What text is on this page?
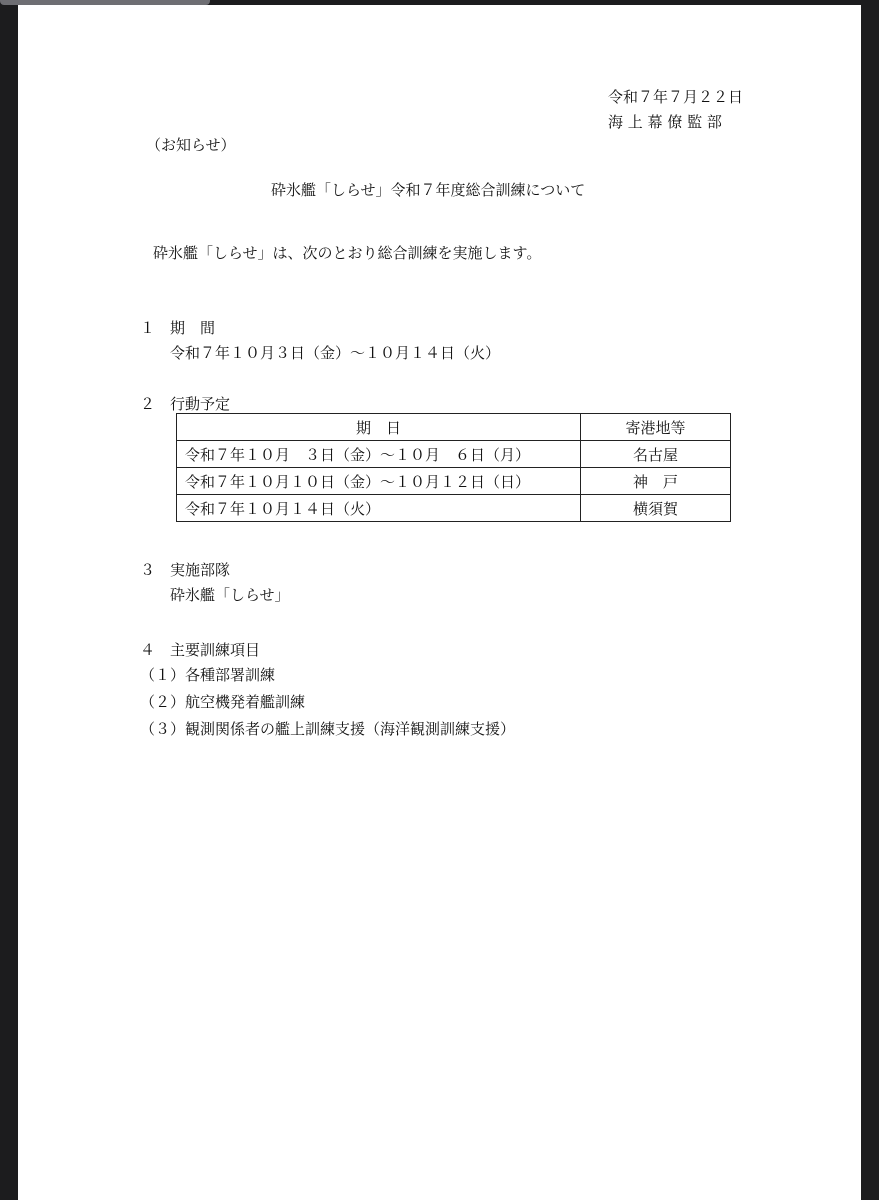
令和７年７月２２日
海 上 幕 僚 監 部
（お知らせ）
砕氷艦「しらせ」令和７年度総合訓練について
砕氷艦「しらせ」は、次のとおり総合訓練を実施します。
１　期　間
令和７年１０月３日（金）～１０月１４日（火）
２　行動予定
期　日	寄港地等
令和７年１０月　３日（金）～１０月　６日（月）	名古屋
令和７年１０月１０日（金）～１０月１２日（日）	神　戸
令和７年１０月１４日（火）	横須賀
３　実施部隊
砕氷艦「しらせ」
４　主要訓練項目
（１）各種部署訓練
（２）航空機発着艦訓練
（３）観測関係者の艦上訓練支援（海洋観測訓練支援）
